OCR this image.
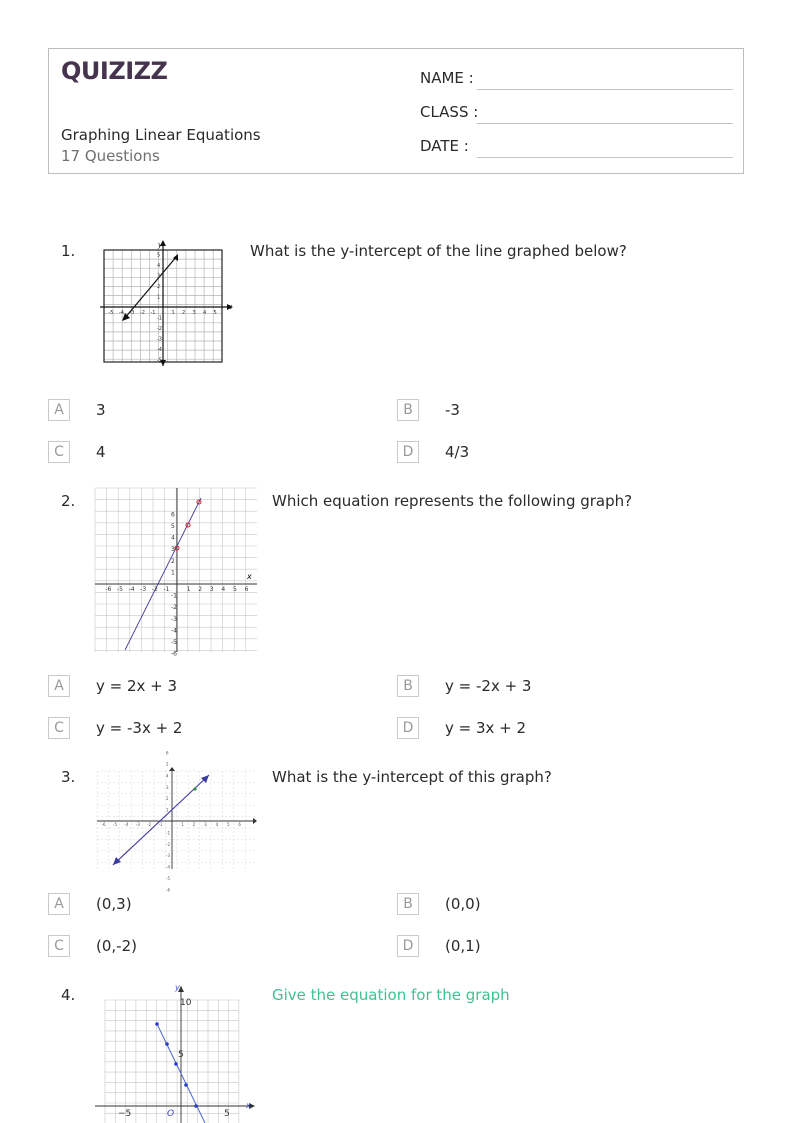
QUIZIZZ
Graphing Linear Equations
17 Questions
NAME :
CLASS :
DATE :
1.
x
y
-5
-5
-4
-4
-3
-3
-2
-2
-1
-1
1
1
2
2
3
3
4
4
5
5	What is the y-intercept of the line graphed below?
A	3	B	-3
C	4	D	4/3
2.
x
-6
-6
-5
-5
-4
-4
-3
-3
-2
-2
-1
-1
1
1
2
2
3
3
4
4
5
5
6
6
Which equation represents the following graph?
A	y = 2x + 3	B	y = -2x + 3
C	y = -3x + 2	D	y = 3x + 2
3.
-6
-6
-5
-5
-4
-4
-3
-3
-2
-2
-1
-1
1
1
2
2
3
3
4
4
5
5
6
6
What is the y-intercept of this graph?
A	(0,3)	B	(0,0)
C	(0,-2)	D	(0,1)
4.
x
y
10
5
−5	5
O
Give the equation for the graph
